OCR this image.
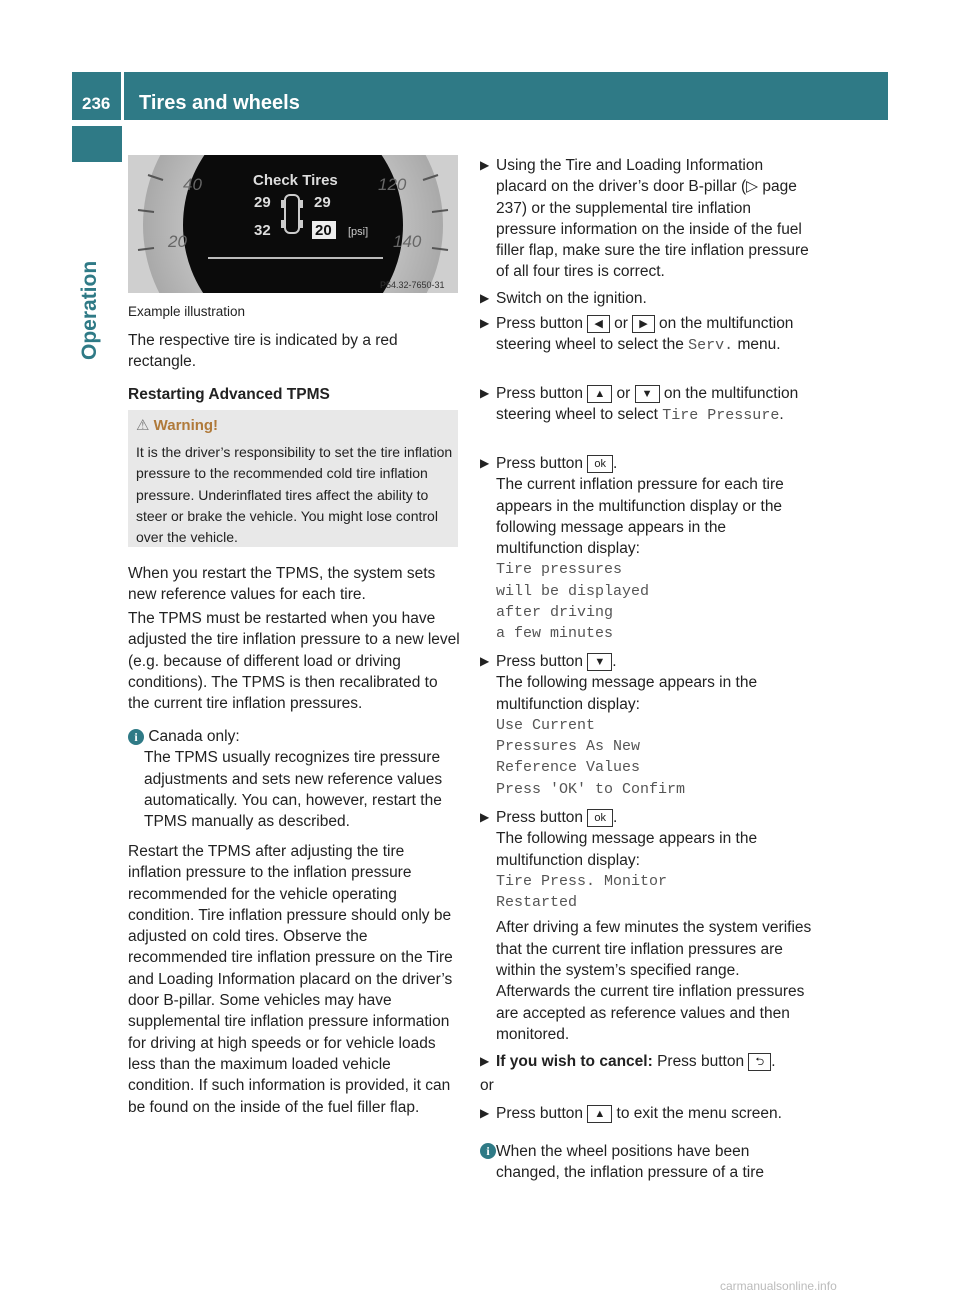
236 Tires and wheels
Operation
40	120
20	140
Check Tires
29	29
32	20 [psi]
P54.32-7650-31
Example illustration
The respective tire is indicated by a red rectangle.
Restarting Advanced TPMS
⚠ Warning!
It is the driver’s responsibility to set the tire inflation pressure to the recommended cold tire inflation pressure. Underinflated tires affect the ability to steer or brake the vehicle. You might lose control over the vehicle.
When you restart the TPMS, the system sets new reference values for each tire.
The TPMS must be restarted when you have adjusted the tire inflation pressure to a new level (e.g. because of different load or driving conditions). The TPMS is then recalibrated to the current tire inflation pressures.
i Canada only:
The TPMS usually recognizes tire pressure adjustments and sets new reference values automatically. You can, however, restart the TPMS manually as described.
Restart the TPMS after adjusting the tire inflation pressure to the inflation pressure recommended for the vehicle operating condition. Tire inflation pressure should only be adjusted on cold tires. Observe the recommended tire inflation pressure on the Tire and Loading Information placard on the driver’s door B-pillar. Some vehicles may have supplemental tire inflation pressure information for driving at high speeds or for vehicle loads less than the maximum loaded vehicle condition. If such information is provided, it can be found on the inside of the fuel filler flap.
▶ Using the Tire and Loading Information placard on the driver’s door B-pillar (▷ page 237) or the supplemental tire inflation pressure information on the inside of the fuel filler flap, make sure the tire inflation pressure of all four tires is correct.
▶ Switch on the ignition.
▶ Press button ◀ or ▶ on the multifunction steering wheel to select the Serv. menu.
▶ Press button ▲ or ▼ on the multifunction steering wheel to select Tire Pressure.
▶ Press button ok .
The current inflation pressure for each tire appears in the multifunction display or the following message appears in the multifunction display:
Tire pressures
will be displayed
after driving
a few minutes
▶ Press button ▼ .
The following message appears in the multifunction display:
Use Current
Pressures As New
Reference Values
Press 'OK' to Confirm
▶ Press button ok .
The following message appears in the multifunction display:
Tire Press. Monitor
Restarted
After driving a few minutes the system verifies that the current tire inflation pressures are within the system’s specified range. Afterwards the current tire inflation pressures are accepted as reference values and then monitored.
▶ If you wish to cancel: Press button ⮌ .
or
▶ Press button ▲ to exit the menu screen.
i When the wheel positions have been changed, the inflation pressure of a tire
carmanualsonline.info
